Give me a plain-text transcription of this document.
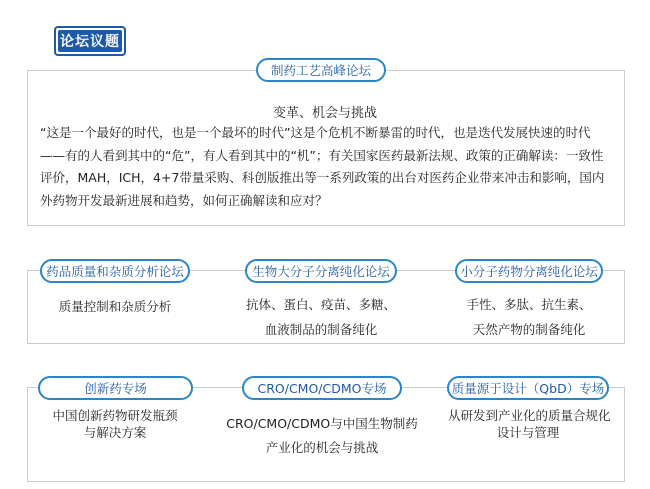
论坛议题
制药工艺高峰论坛
变革、机会与挑战
“这是一个最好的时代，也是一个最坏的时代”这是个危机不断暴雷的时代，也是迭代发展快速的时代——有的人看到其中的“危”，有人看到其中的“机”；有关国家医药最新法规、政策的正确解读：一致性评价，MAH，ICH，4+7带量采购、科创版推出等一系列政策的出台对医药企业带来冲击和影响，国内外药物开发最新进展和趋势，如何正确解读和应对？
药品质量和杂质分析论坛
质量控制和杂质分析
生物大分子分离纯化论坛
抗体、蛋白、疫苗、多糖、
血液制品的制备纯化
小分子药物分离纯化论坛
手性、多肽、抗生素、
天然产物的制备纯化
创新药专场
中国创新药物研发瓶颈
与解决方案
CRO/CMO/CDMO专场
CRO/CMO/CDMO与中国生物制药
产业化的机会与挑战
质量源于设计（QbD）专场
从研发到产业化的质量合规化
设计与管理
